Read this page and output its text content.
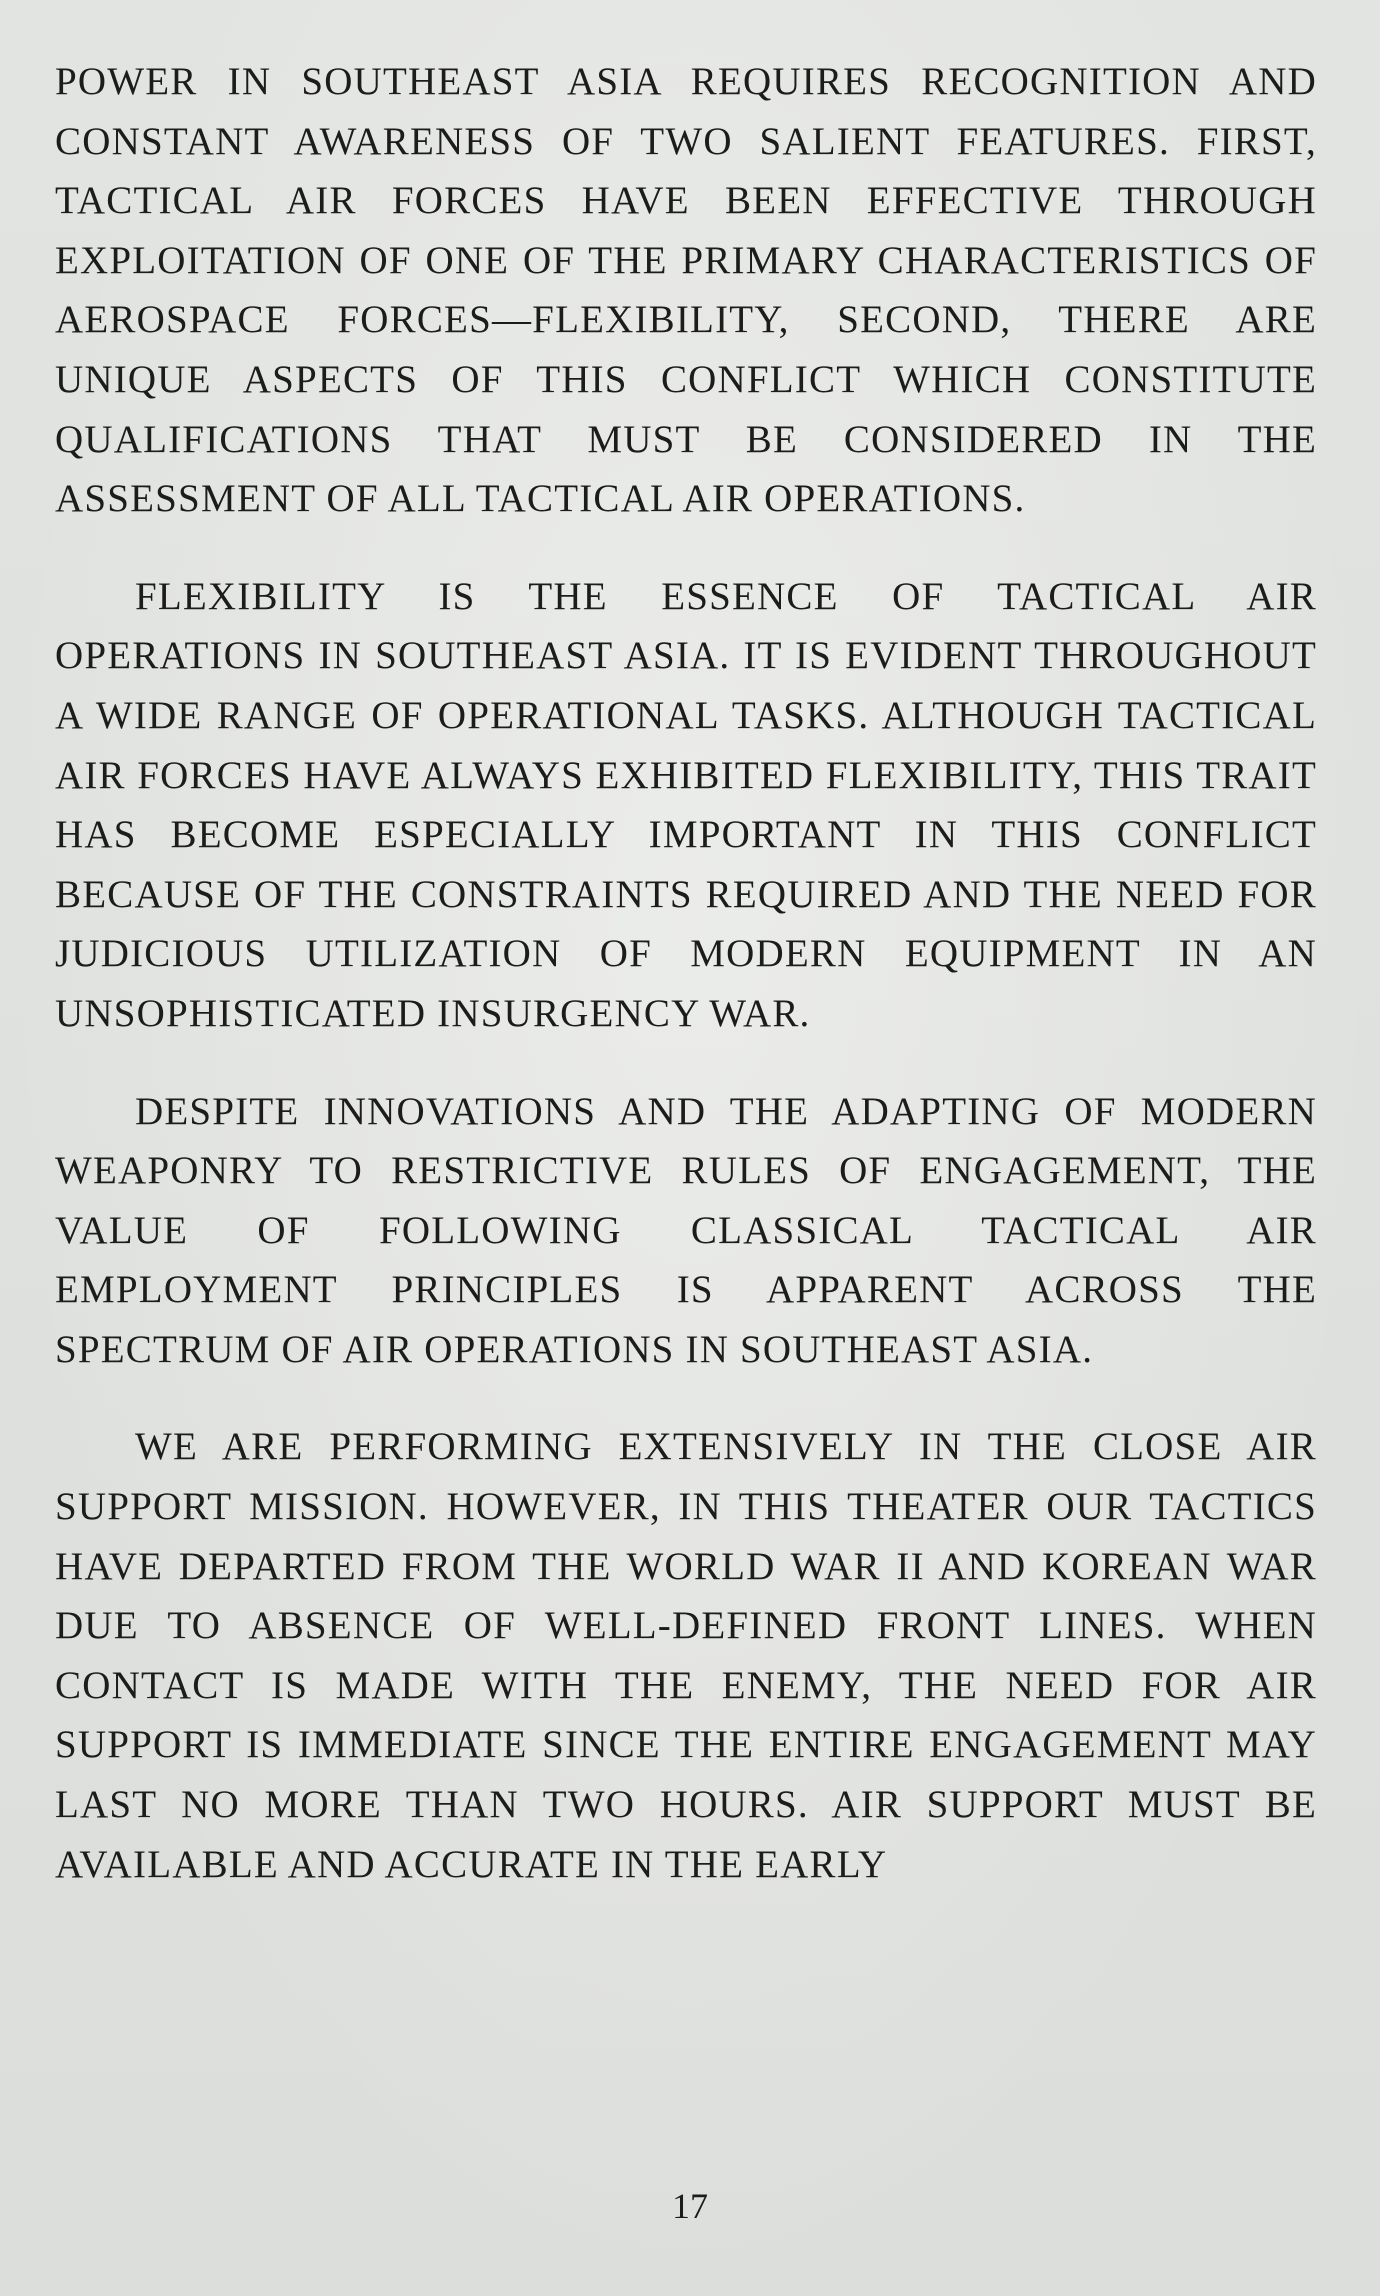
POWER IN SOUTHEAST ASIA REQUIRES RECOGNITION AND CONSTANT AWARENESS OF TWO SALIENT FEATURES. FIRST, TACTICAL AIR FORCES HAVE BEEN EFFECTIVE THROUGH EXPLOITATION OF ONE OF THE PRIMARY CHARACTERISTICS OF AEROSPACE FORCES—FLEXIBILITY, SECOND, THERE ARE UNIQUE ASPECTS OF THIS CONFLICT WHICH CONSTITUTE QUALIFICATIONS THAT MUST BE CONSIDERED IN THE ASSESSMENT OF ALL TACTICAL AIR OPERATIONS.

FLEXIBILITY IS THE ESSENCE OF TACTICAL AIR OPERATIONS IN SOUTHEAST ASIA. IT IS EVIDENT THROUGHOUT A WIDE RANGE OF OPERATIONAL TASKS. ALTHOUGH TACTICAL AIR FORCES HAVE ALWAYS EXHIBITED FLEXIBILITY, THIS TRAIT HAS BECOME ESPECIALLY IMPORTANT IN THIS CONFLICT BECAUSE OF THE CONSTRAINTS REQUIRED AND THE NEED FOR JUDICIOUS UTILIZATION OF MODERN EQUIPMENT IN AN UNSOPHISTICATED INSURGENCY WAR.

DESPITE INNOVATIONS AND THE ADAPTING OF MODERN WEAPONRY TO RESTRICTIVE RULES OF ENGAGEMENT, THE VALUE OF FOLLOWING CLASSICAL TACTICAL AIR EMPLOYMENT PRINCIPLES IS APPARENT ACROSS THE SPECTRUM OF AIR OPERATIONS IN SOUTHEAST ASIA.

WE ARE PERFORMING EXTENSIVELY IN THE CLOSE AIR SUPPORT MISSION. HOWEVER, IN THIS THEATER OUR TACTICS HAVE DEPARTED FROM THE WORLD WAR II AND KOREAN WAR DUE TO ABSENCE OF WELL-DEFINED FRONT LINES. WHEN CONTACT IS MADE WITH THE ENEMY, THE NEED FOR AIR SUPPORT IS IMMEDIATE SINCE THE ENTIRE ENGAGEMENT MAY LAST NO MORE THAN TWO HOURS. AIR SUPPORT MUST BE AVAILABLE AND ACCURATE IN THE EARLY

17
